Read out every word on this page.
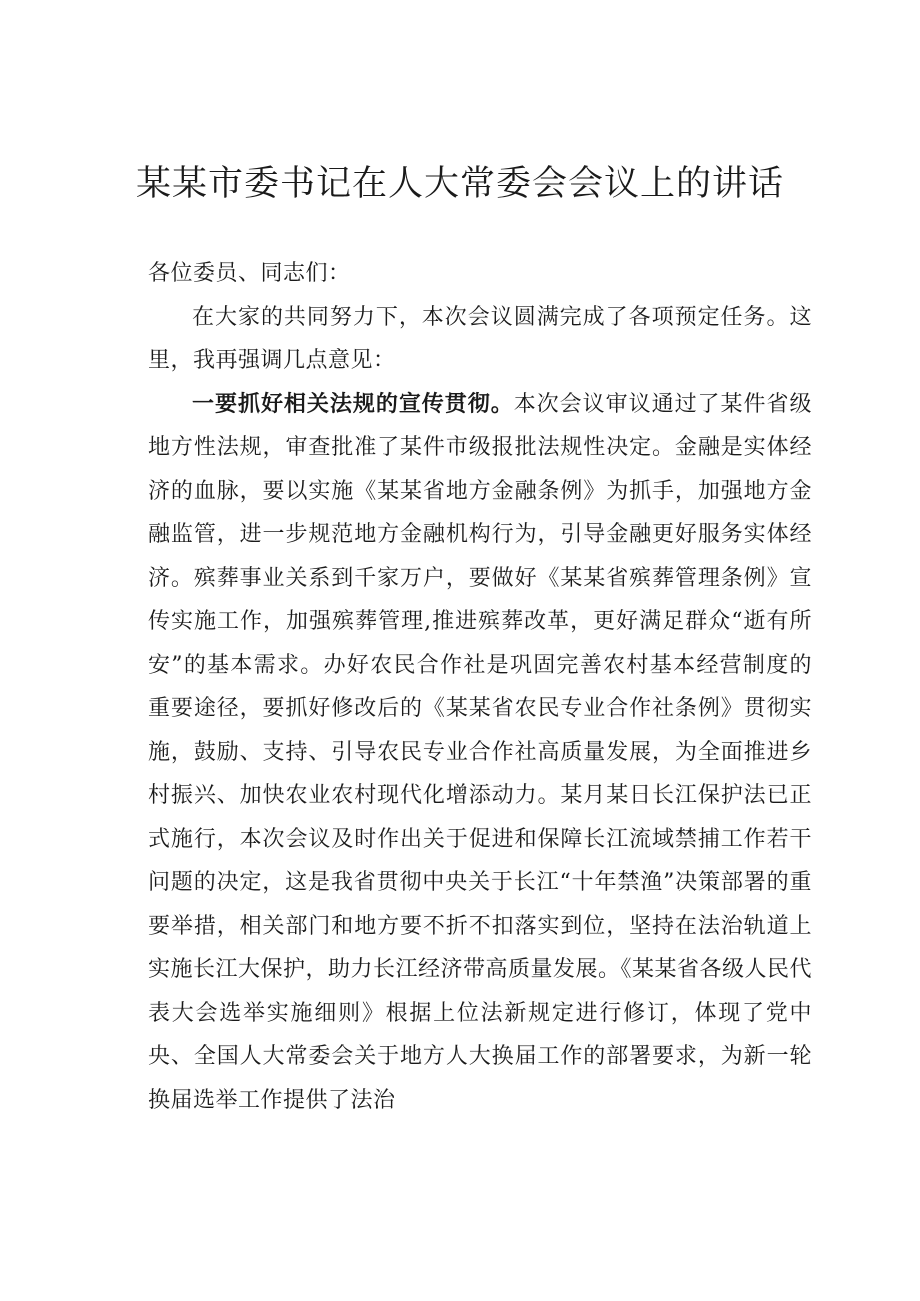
某某市委书记在人大常委会会议上的讲话

各位委员、同志们：

在大家的共同努力下，本次会议圆满完成了各项预定任务。这里，我再强调几点意见：

一要抓好相关法规的宣传贯彻。本次会议审议通过了某件省级地方性法规，审查批准了某件市级报批法规性决定。金融是实体经济的血脉，要以实施《某某省地方金融条例》为抓手，加强地方金融监管，进一步规范地方金融机构行为，引导金融更好服务实体经济。殡葬事业关系到千家万户，要做好《某某省殡葬管理条例》宣传实施工作，加强殡葬管理,推进殡葬改革，更好满足群众“逝有所安”的基本需求。办好农民合作社是巩固完善农村基本经营制度的重要途径，要抓好修改后的《某某省农民专业合作社条例》贯彻实施，鼓励、支持、引导农民专业合作社高质量发展，为全面推进乡村振兴、加快农业农村现代化增添动力。某月某日长江保护法已正式施行，本次会议及时作出关于促进和保障长江流域禁捕工作若干问题的决定，这是我省贯彻中央关于长江“十年禁渔”决策部署的重要举措，相关部门和地方要不折不扣落实到位，坚持在法治轨道上实施长江大保护，助力长江经济带高质量发展。《某某省各级人民代表大会选举实施细则》根据上位法新规定进行修订，体现了党中央、全国人大常委会关于地方人大换届工作的部署要求，为新一轮换届选举工作提供了法治
